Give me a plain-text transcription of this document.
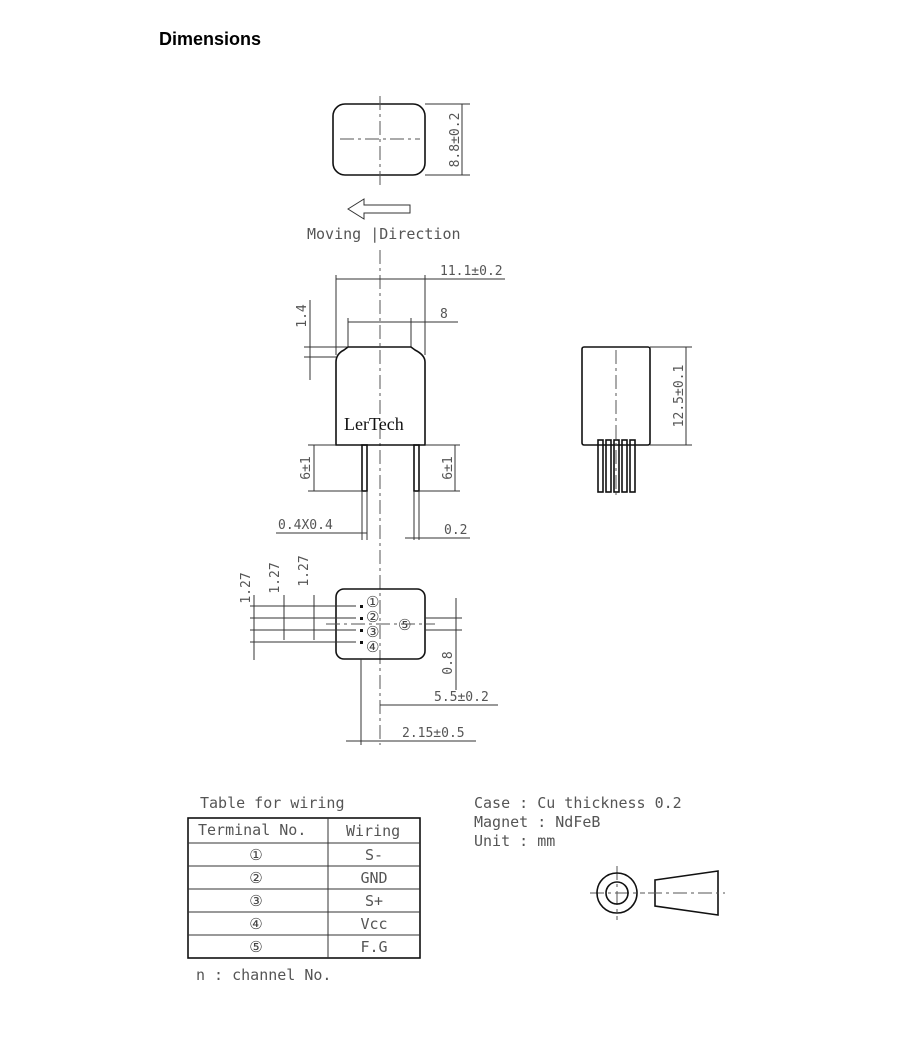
Dimensions
8.8±0.2
Moving |Direction
11.1±0.2
8
1.4
LerTech
6±1	6±1
0.4X0.4	0.2
12.5±0.1
①
②
③
④
⑤
1.27 1.27 1.27
0.8
5.5±0.2
2.15±0.5
Table for wiring
Terminal No.	Wiring
①	S-
②	GND
③	S+
④	Vcc
⑤	F.G
n : channel No.
Case : Cu thickness 0.2
Magnet : NdFeB
Unit : mm
